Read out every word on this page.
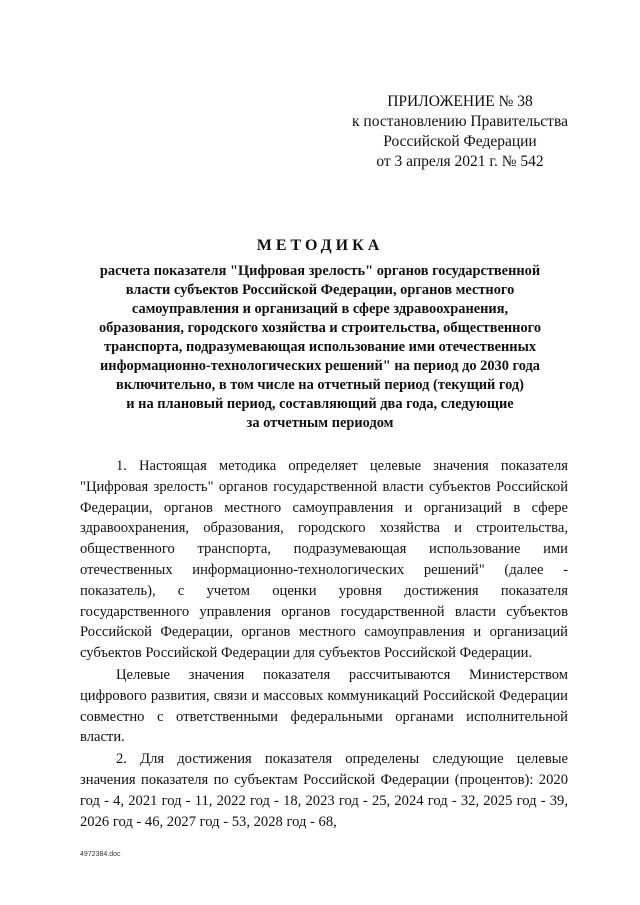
ПРИЛОЖЕНИЕ № 38
к постановлению Правительства
Российской Федерации
от 3 апреля 2021 г. № 542
МЕТОДИКА
расчета показателя "Цифровая зрелость" органов государственной
власти субъектов Российской Федерации, органов местного
самоуправления и организаций в сфере здравоохранения,
образования, городского хозяйства и строительства, общественного
транспорта, подразумевающая использование ими отечественных
информационно-технологических решений" на период до 2030 года
включительно, в том числе на отчетный период (текущий год)
и на плановый период, составляющий два года, следующие
за отчетным периодом

1. Настоящая методика определяет целевые значения показателя "Цифровая зрелость" органов государственной власти субъектов Российской Федерации, органов местного самоуправления и организаций в сфере здравоохранения, образования, городского хозяйства и строительства, общественного транспорта, подразумевающая использование ими отечественных информационно-технологических решений" (далее - показатель), с учетом оценки уровня достижения показателя государственного управления органов государственной власти субъектов Российской Федерации, органов местного самоуправления и организаций субъектов Российской Федерации для субъектов Российской Федерации.

Целевые значения показателя рассчитываются Министерством цифрового развития, связи и массовых коммуникаций Российской Федерации совместно с ответственными федеральными органами исполнительной власти.

2. Для достижения показателя определены следующие целевые значения показателя по субъектам Российской Федерации (процентов): 2020 год - 4, 2021 год - 11, 2022 год - 18, 2023 год - 25, 2024 год - 32, 2025 год - 39, 2026 год - 46, 2027 год - 53, 2028 год - 68,

4972384.doc
